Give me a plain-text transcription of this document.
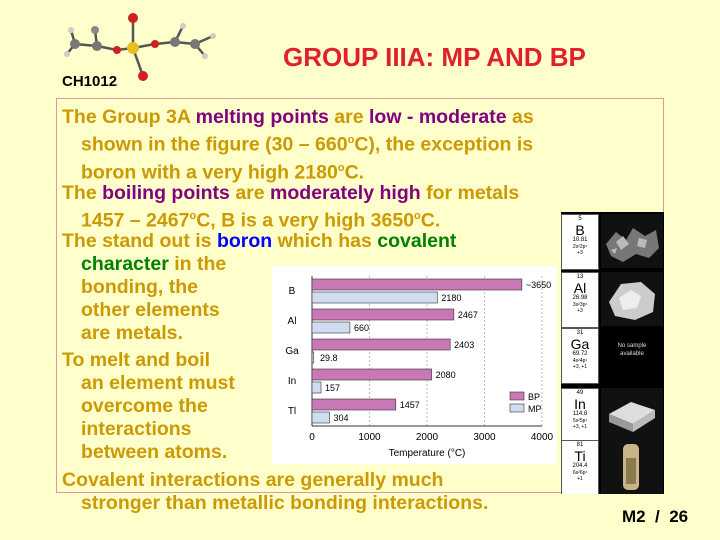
CH1012
GROUP IIIA: MP AND BP
The Group 3A melting points are low - moderate as
shown in the figure (30 – 660$^o$C), the exception is
boron with a very high 2180$^o$C.
The boiling points are moderately high for metals
1457 – 2467$^o$C, B is a very high 3650$^o$C.
The stand out is boron which has covalent
character in the
bonding, the
other elements
are metals.
To melt and boil
an element must
overcome the
interactions
between atoms.
Covalent interactions are generally much
stronger than metallic bonding interactions.
0	1000	2000	3000	4000
Temperature (°C)
B
~3650
2180
Al
2467
660
Ga
2403
29.8
In
2080
157
Tl
1457
304
BP
MP
5
B
10.81
2s²2p¹
+3
13
Al
26.98
3s²3p¹
+3
31
Ga
69.72
4s²4p¹
+3, +1
49
In
114.8
5s²5p¹
+3, +1
81
Ti
204.4
6s²6p¹
+1
No sample
available
M2  /  26
